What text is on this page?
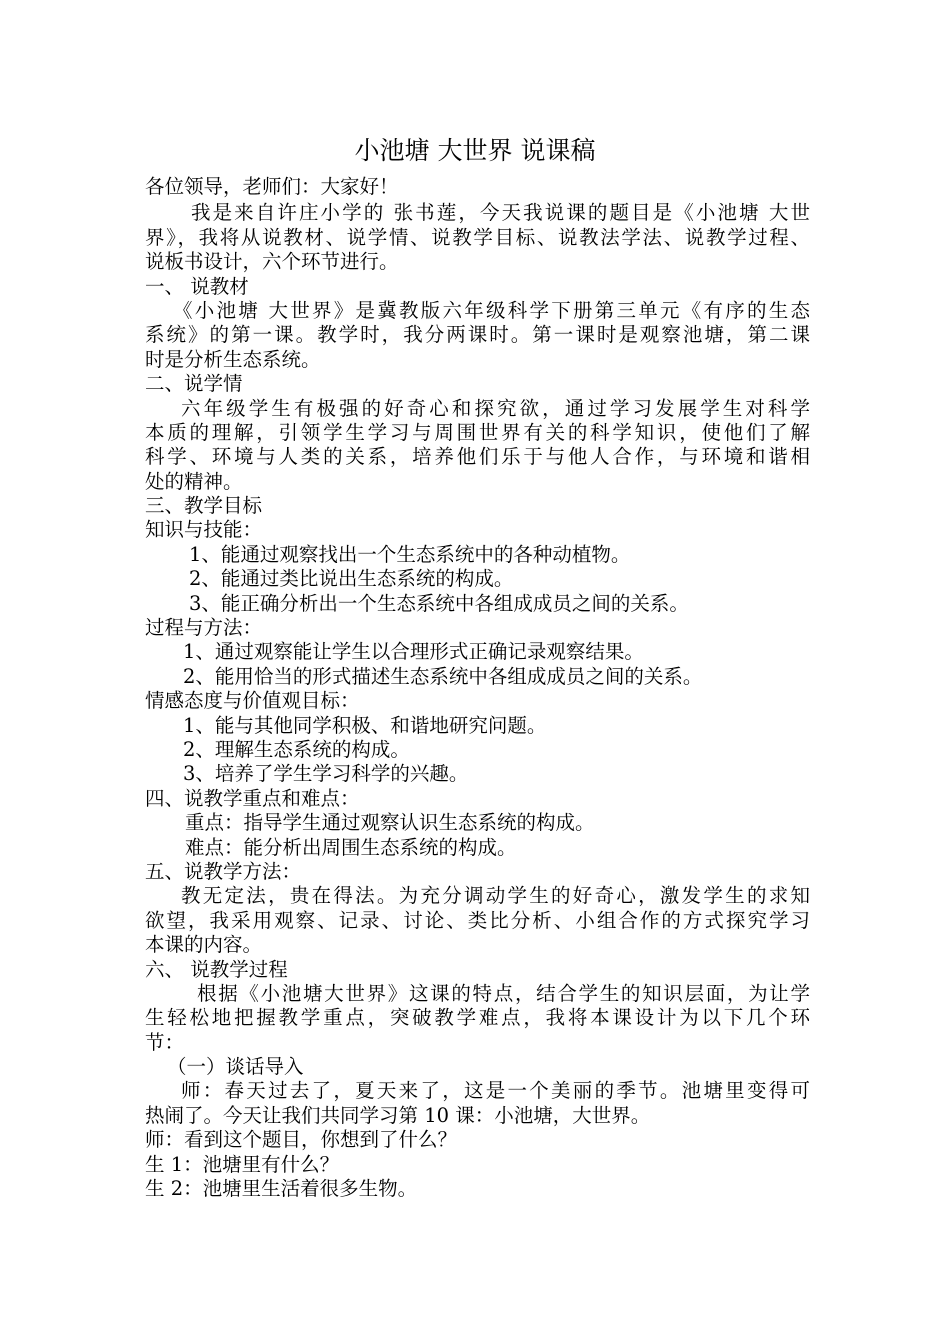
小池塘 大世界 说课稿
各位领导，老师们：大家好！
我是来自许庄小学的 张书莲，今天我说课的题目是《小池塘 大世
界》，我将从说教材、说学情、说教学目标、说教法学法、说教学过程、
说板书设计，六个环节进行。
一、 说教材
《小池塘 大世界》是冀教版六年级科学下册第三单元《有序的生态
系统》的第一课。教学时，我分两课时。第一课时是观察池塘，第二课
时是分析生态系统。
二、说学情
六年级学生有极强的好奇心和探究欲，通过学习发展学生对科学
本质的理解，引领学生学习与周围世界有关的科学知识，使他们了解
科学、环境与人类的关系，培养他们乐于与他人合作，与环境和谐相
处的精神。
三、教学目标
知识与技能：
1、能通过观察找出一个生态系统中的各种动植物。
2、能通过类比说出生态系统的构成。
3、能正确分析出一个生态系统中各组成成员之间的关系。
过程与方法：
1、通过观察能让学生以合理形式正确记录观察结果。
2、能用恰当的形式描述生态系统中各组成成员之间的关系。
情感态度与价值观目标：
1、能与其他同学积极、和谐地研究问题。
2、理解生态系统的构成。
3、培养了学生学习科学的兴趣。
四、说教学重点和难点：
重点：指导学生通过观察认识生态系统的构成。
难点：能分析出周围生态系统的构成。
五、说教学方法：
教无定法，贵在得法。为充分调动学生的好奇心，激发学生的求知
欲望，我采用观察、记录、讨论、类比分析、小组合作的方式探究学习
本课的内容。
六、 说教学过程
根据《小池塘大世界》这课的特点，结合学生的知识层面，为让学
生轻松地把握教学重点，突破教学难点，我将本课设计为以下几个环
节：
（一）谈话导入
师：春天过去了，夏天来了，这是一个美丽的季节。池塘里变得可
热闹了。今天让我们共同学习第 10 课：小池塘，大世界。
师：看到这个题目，你想到了什么？
生 1：池塘里有什么？
生 2：池塘里生活着很多生物。
